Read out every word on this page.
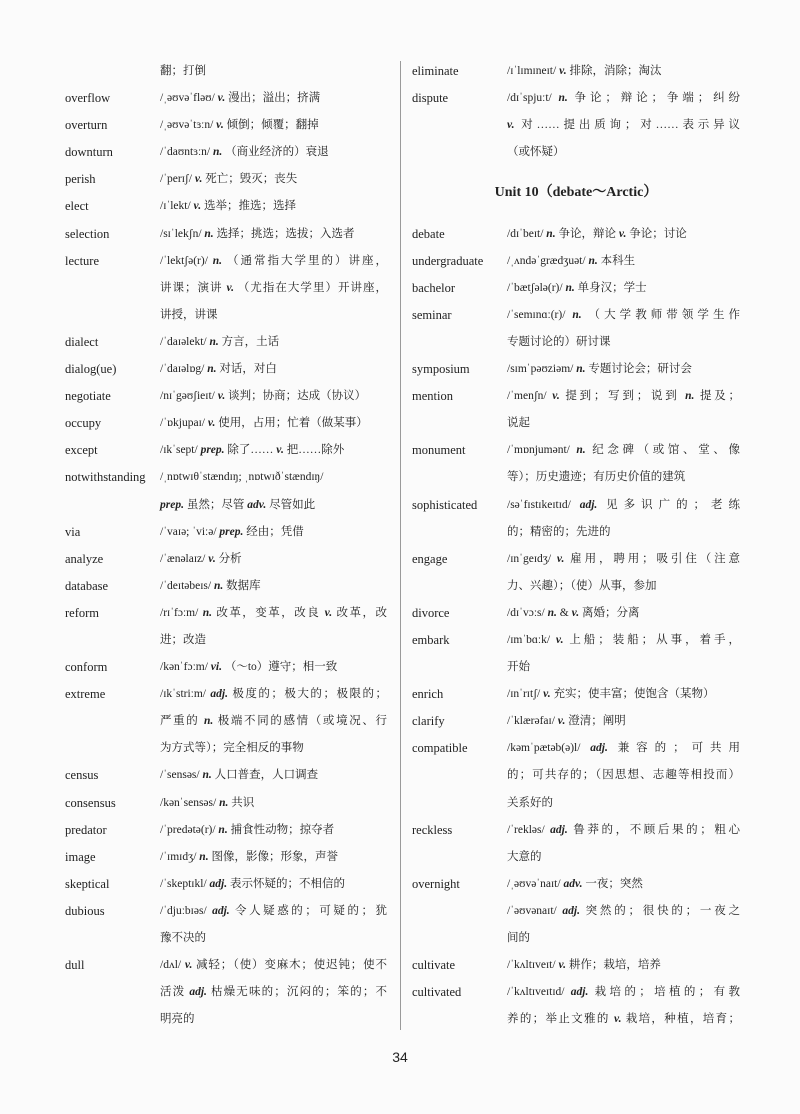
翻；打倒
overflow	/ˌəʊvəˈfləʊ/ v. 漫出；溢出；挤满
overturn	/ˌəʊvəˈtɜːn/ v. 倾倒；倾覆；翻掉
downturn	/ˈdaʊntɜːn/ n. （商业经济的）衰退
perish	/ˈperɪʃ/ v. 死亡；毁灭；丧失
elect	/ɪˈlekt/ v. 选举；推选；选择
selection	/sɪˈlekʃn/ n. 选择；挑选；选拔；入选者
lecture	/ˈlektʃə(r)/ n. （通常指大学里的）讲座，
讲课；演讲 v. （尤指在大学里）开讲座，
讲授，讲课
dialect	/ˈdaɪəlekt/ n. 方言，土话
dialog(ue)	/ˈdaɪəlɒg/ n. 对话，对白
negotiate	/nɪˈgəʊʃieɪt/ v. 谈判；协商；达成（协议）
occupy	/ˈɒkjupaɪ/ v. 使用，占用；忙着（做某事）
except	/ɪkˈsept/ prep. 除了…… v. 把……除外
notwithstanding	/ˌnɒtwɪθˈstændɪŋ; ˌnɒtwɪðˈstændɪŋ/
prep. 虽然；尽管 adv. 尽管如此
via	/ˈvaɪə; ˈviːə/ prep. 经由；凭借
analyze	/ˈænəlaɪz/ v. 分析
database	/ˈdeɪtəbeɪs/ n. 数据库
reform	/rɪˈfɔːm/ n. 改革，变革，改良 v. 改革，改
进；改造
conform	/kənˈfɔːm/ vi. （～to）遵守；相一致
extreme	/ɪkˈstriːm/ adj. 极度的；极大的；极限的；
严重的 n. 极端不同的感情（或境况、行
为方式等）；完全相反的事物
census	/ˈsensəs/ n. 人口普查，人口调查
consensus	/kənˈsensəs/ n. 共识
predator	/ˈpredətə(r)/ n. 捕食性动物；掠夺者
image	/ˈɪmɪdʒ/ n. 图像，影像；形象，声誉
skeptical	/ˈskeptɪkl/ adj. 表示怀疑的；不相信的
dubious	/ˈdjuːbɪəs/ adj. 令人疑惑的；可疑的；犹
豫不决的
dull	/dʌl/ v. 减轻；（使）变麻木；使迟钝；使不
活泼 adj. 枯燥无味的；沉闷的；笨的；不
明亮的
eliminate	/ɪˈlɪmɪneɪt/ v. 排除，消除；淘汰
dispute	/dɪˈspjuːt/ n. 争论；辩论；争端；纠纷
v. 对……提出质询；对……表示异议
（或怀疑）
Unit 10（debate～Arctic）
debate	/dɪˈbeɪt/ n. 争论，辩论 v. 争论；讨论
undergraduate	/ˌʌndəˈgrædʒuət/ n. 本科生
bachelor	/ˈbætʃələ(r)/ n. 单身汉；学士
seminar	/ˈsemɪnɑː(r)/ n. （大学教师带领学生作
专题讨论的）研讨课
symposium	/sɪmˈpəʊziəm/ n. 专题讨论会；研讨会
mention	/ˈmenʃn/ v. 提到；写到；说到 n. 提及；
说起
monument	/ˈmɒnjumənt/ n. 纪念碑（或馆、堂、像
等）；历史遗迹；有历史价值的建筑
sophisticated	/səˈfɪstɪkeɪtɪd/ adj. 见多识广的；老练
的；精密的；先进的
engage	/ɪnˈgeɪdʒ/ v. 雇用，聘用；吸引住（注意
力、兴趣）；（使）从事，参加
divorce	/dɪˈvɔːs/ n. & v. 离婚；分离
embark	/ɪmˈbɑːk/ v. 上船；装船；从事，着手，
开始
enrich	/ɪnˈrɪtʃ/ v. 充实；使丰富；使饱含（某物）
clarify	/ˈklærəfaɪ/ v. 澄清；阐明
compatible	/kəmˈpætəb(ə)l/ adj. 兼容的；可共用
的；可共存的；（因思想、志趣等相投而）
关系好的
reckless	/ˈrekləs/ adj. 鲁莽的，不顾后果的；粗心
大意的
overnight	/ˌəʊvəˈnaɪt/ adv. 一夜；突然
/ˈəʊvənaɪt/ adj. 突然的；很快的；一夜之
间的
cultivate	/ˈkʌltɪveɪt/ v. 耕作；栽培，培养
cultivated	/ˈkʌltɪveɪtɪd/ adj. 栽培的；培植的；有教
养的；举止文雅的 v. 栽培，种植，培育；
34
